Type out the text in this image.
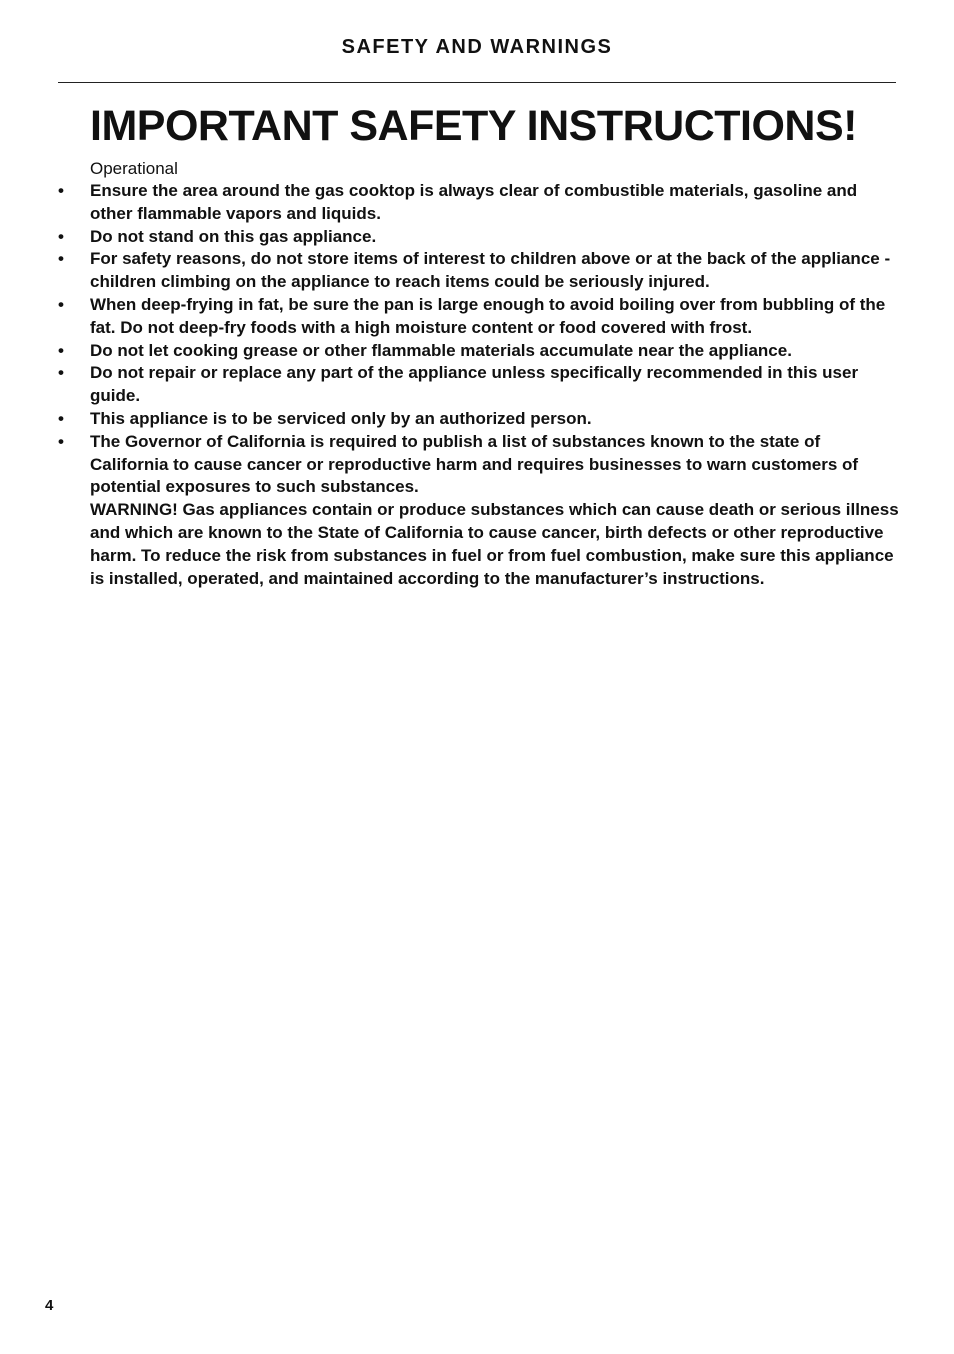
SAFETY AND WARNINGS
IMPORTANT SAFETY INSTRUCTIONS!
Operational
• Ensure the area around the gas cooktop is always clear of combustible materials, gasoline and other flammable vapors and liquids.
• Do not stand on this gas appliance.
• For safety reasons, do not store items of interest to children above or at the back of the appliance - children climbing on the appliance to reach items could be seriously injured.
• When deep-frying in fat, be sure the pan is large enough to avoid boiling over from bubbling of the fat. Do not deep-fry foods with a high moisture content or food covered with frost.
• Do not let cooking grease or other flammable materials accumulate near the appliance.
• Do not repair or replace any part of the appliance unless specifically recommended in this user guide.
• This appliance is to be serviced only by an authorized person.
• The Governor of California is required to publish a list of substances known to the state of California to cause cancer or reproductive harm and requires businesses to warn customers of potential exposures to such substances.
WARNING! Gas appliances contain or produce substances which can cause death or serious illness and which are known to the State of California to cause cancer, birth defects or other reproductive harm. To reduce the risk from substances in fuel or from fuel combustion, make sure this appliance is installed, operated, and maintained according to the manufacturer’s instructions.
4
